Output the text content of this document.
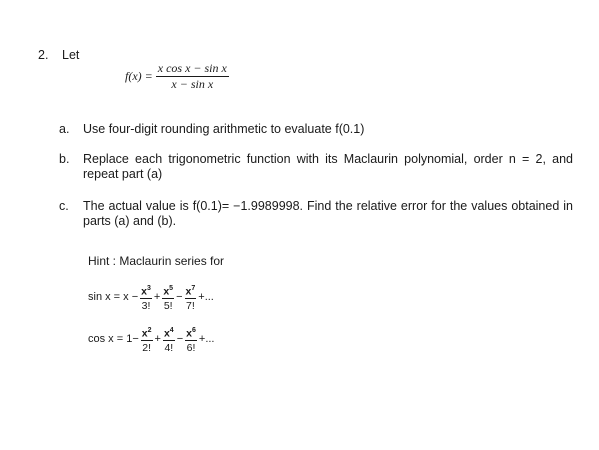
2. Let
$f(x) = \frac{\text{x cos x − sin x}}{\text{x − sin x}}$
a. Use four-digit rounding arithmetic to evaluate f(0.1)
b. Replace each trigonometric function with its Maclaurin polynomial, order n = 2, and repeat part (a)
c. The actual value is f(0.1)= −1.9989998. Find the relative error for the values obtained in parts (a) and (b).
Hint : Maclaurin series for
$\sin x = x - \frac{x^3}{3!} + \frac{x^5}{5!} - \frac{x^7}{7!}$ +...
$\cos x = 1- \frac{x^2}{2!} + \frac{x^4}{4!} - \frac{x^6}{6!}$ +...
